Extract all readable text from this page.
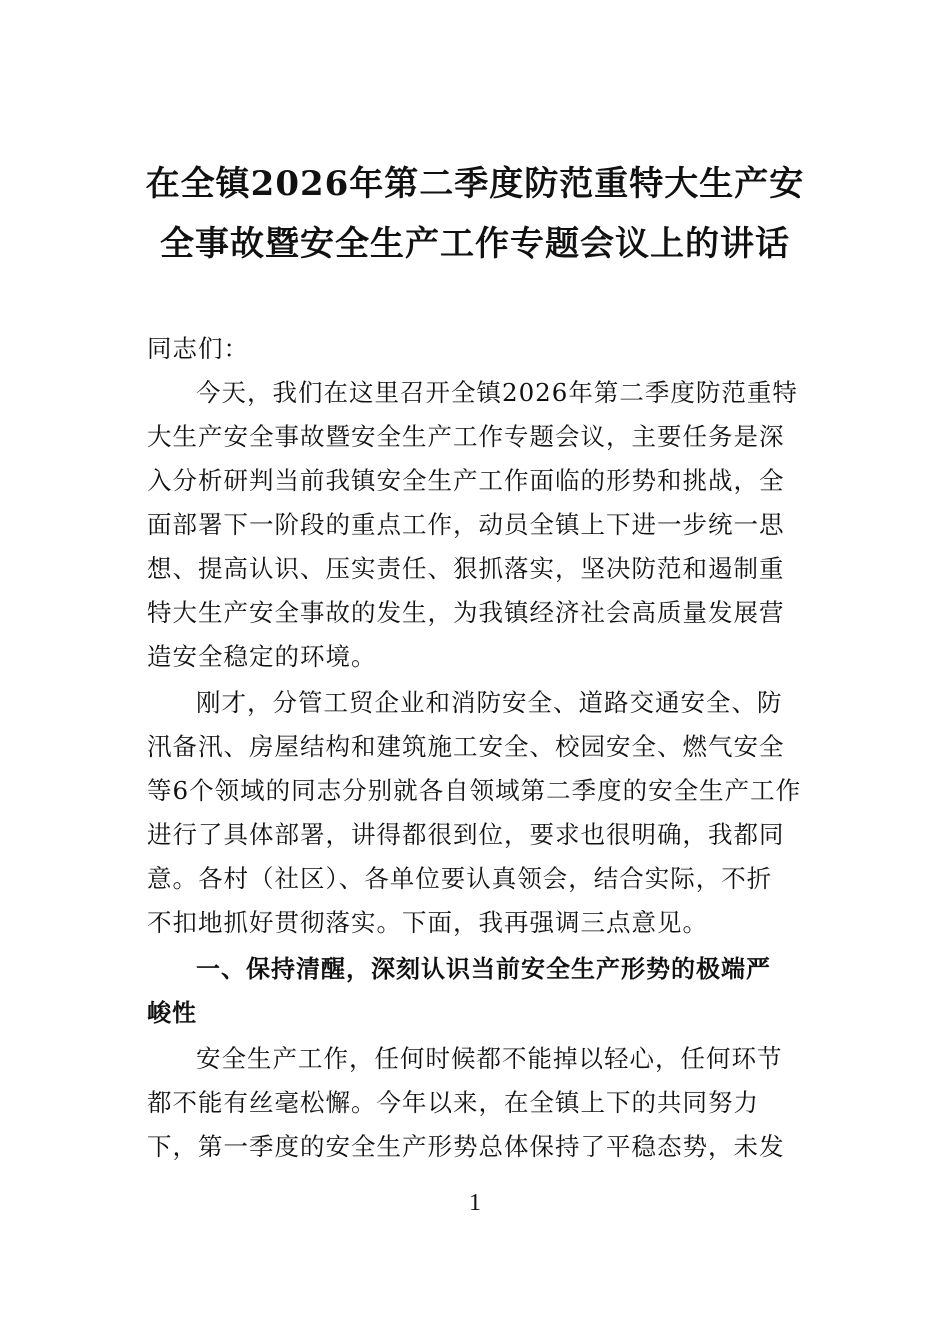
在全镇2026年第二季度防范重特大生产安
全事故暨安全生产工作专题会议上的讲话
同志们：
今天，我们在这里召开全镇2026年第二季度防范重特
大生产安全事故暨安全生产工作专题会议，主要任务是深
入分析研判当前我镇安全生产工作面临的形势和挑战，全
面部署下一阶段的重点工作，动员全镇上下进一步统一思
想、提高认识、压实责任、狠抓落实，坚决防范和遏制重
特大生产安全事故的发生，为我镇经济社会高质量发展营
造安全稳定的环境。
刚才，分管工贸企业和消防安全、道路交通安全、防
汛备汛、房屋结构和建筑施工安全、校园安全、燃气安全
等6个领域的同志分别就各自领域第二季度的安全生产工作
进行了具体部署，讲得都很到位，要求也很明确，我都同
意。各村（社区）、各单位要认真领会，结合实际，不折
不扣地抓好贯彻落实。下面，我再强调三点意见。
一、保持清醒，深刻认识当前安全生产形势的极端严
峻性
安全生产工作，任何时候都不能掉以轻心，任何环节
都不能有丝毫松懈。今年以来，在全镇上下的共同努力
下，第一季度的安全生产形势总体保持了平稳态势，未发
1
